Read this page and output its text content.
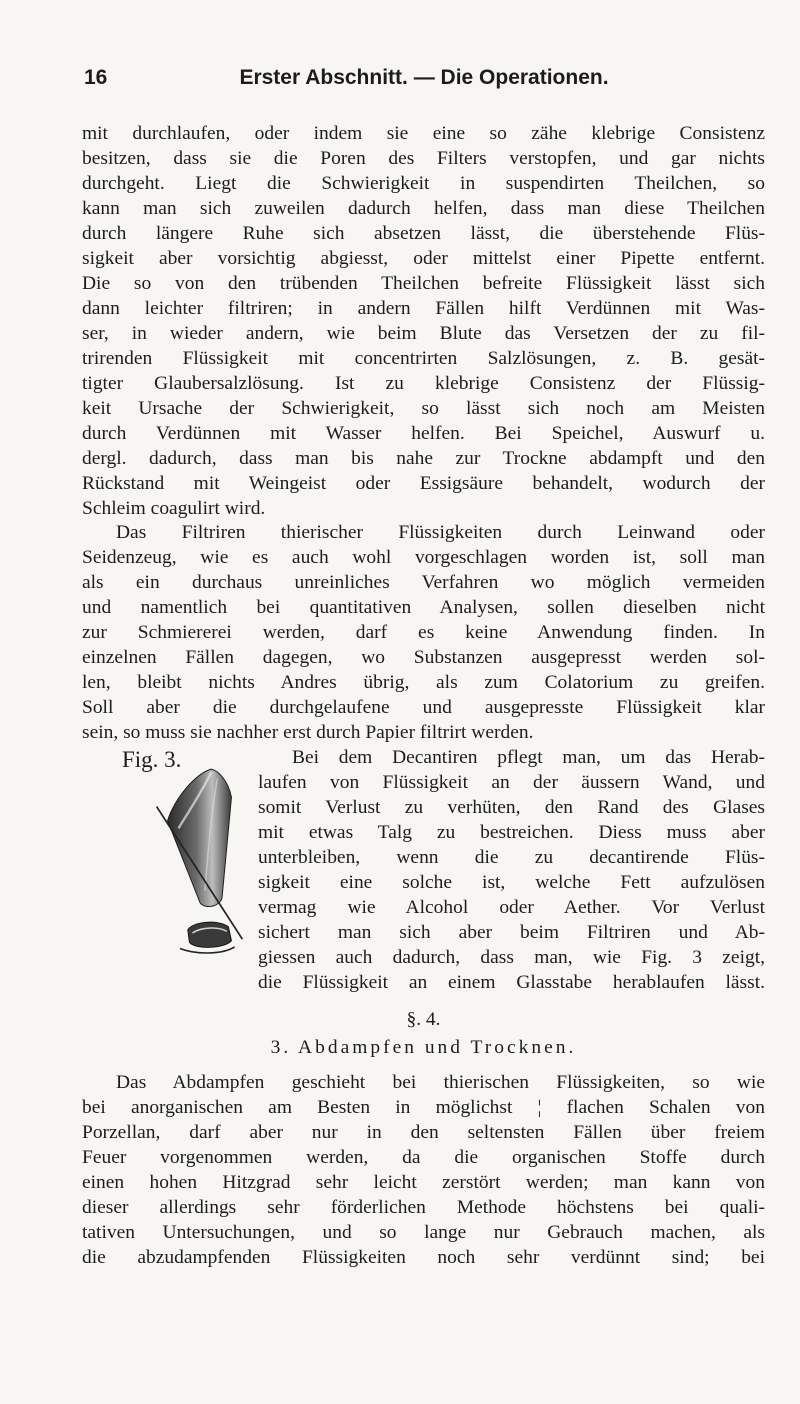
16	Erster Abschnitt. — Die Operationen.
mit durchlaufen, oder indem sie eine so zähe klebrige Consistenz
besitzen, dass sie die Poren des Filters verstopfen, und gar nichts
durchgeht. Liegt die Schwierigkeit in suspendirten Theilchen, so
kann man sich zuweilen dadurch helfen, dass man diese Theilchen
durch längere Ruhe sich absetzen lässt, die überstehende Flüs-
sigkeit aber vorsichtig abgiesst, oder mittelst einer Pipette entfernt.
Die so von den trübenden Theilchen befreite Flüssigkeit lässt sich
dann leichter filtriren; in andern Fällen hilft Verdünnen mit Was-
ser, in wieder andern, wie beim Blute das Versetzen der zu fil-
trirenden Flüssigkeit mit concentrirten Salzlösungen, z. B. gesät-
tigter Glaubersalzlösung. Ist zu klebrige Consistenz der Flüssig-
keit Ursache der Schwierigkeit, so lässt sich noch am Meisten
durch Verdünnen mit Wasser helfen. Bei Speichel, Auswurf u.
dergl. dadurch, dass man bis nahe zur Trockne abdampft und den
Rückstand mit Weingeist oder Essigsäure behandelt, wodurch der
Schleim coagulirt wird.
Das Filtriren thierischer Flüssigkeiten durch Leinwand oder
Seidenzeug, wie es auch wohl vorgeschlagen worden ist, soll man
als ein durchaus unreinliches Verfahren wo möglich vermeiden
und namentlich bei quantitativen Analysen, sollen dieselben nicht
zur Schmiererei werden, darf es keine Anwendung finden. In
einzelnen Fällen dagegen, wo Substanzen ausgepresst werden sol-
len, bleibt nichts Andres übrig, als zum Colatorium zu greifen.
Soll aber die durchgelaufene und ausgepresste Flüssigkeit klar
sein, so muss sie nachher erst durch Papier filtrirt werden.
Fig. 3.	Bei dem Decantiren pflegt man, um das Herab-
laufen von Flüssigkeit an der äussern Wand, und
somit Verlust zu verhüten, den Rand des Glases
mit etwas Talg zu bestreichen. Diess muss aber
unterbleiben, wenn die zu decantirende Flüs-
sigkeit eine solche ist, welche Fett aufzulösen
vermag wie Alcohol oder Aether. Vor Verlust
sichert man sich aber beim Filtriren und Ab-
giessen auch dadurch, dass man, wie Fig. 3 zeigt,
die Flüssigkeit an einem Glasstabe herablaufen lässt.
§. 4.
3. Abdampfen und Trocknen.
Das Abdampfen geschieht bei thierischen Flüssigkeiten, so wie
bei anorganischen am Besten in möglichst ¦ flachen Schalen von
Porzellan, darf aber nur in den seltensten Fällen über freiem
Feuer vorgenommen werden, da die organischen Stoffe durch
einen hohen Hitzgrad sehr leicht zerstört werden; man kann von
dieser allerdings sehr förderlichen Methode höchstens bei quali-
tativen Untersuchungen, und so lange nur Gebrauch machen, als
die abzudampfenden Flüssigkeiten noch sehr verdünnt sind; bei
